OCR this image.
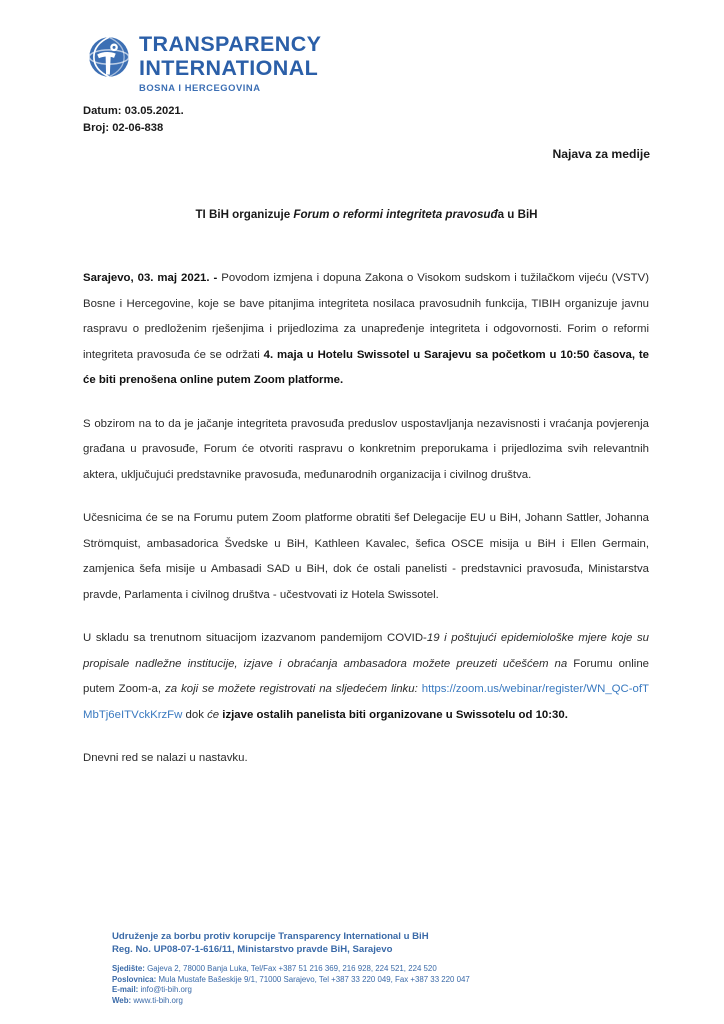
TRANSPARENCY
INTERNATIONAL
BOSNA I HERCEGOVINA
Datum: 03.05.2021.
Broj: 02-06-838
Najava za medije
TI BiH organizuje Forum o reformi integriteta pravosuđa u BiH

Sarajevo, 03. maj 2021. - Povodom izmjena i dopuna Zakona o Visokom sudskom i tužilačkom vijeću (VSTV) Bosne i Hercegovine, koje se bave pitanjima integriteta nosilaca pravosudnih funkcija, TIBIH organizuje javnu raspravu o predloženim rješenjima i prijedlozima za unapređenje integriteta i odgovornosti. Forim o reformi integriteta pravosuđa će se održati 4. maja u Hotelu Swissotel u Sarajevu sa početkom u 10:50 časova, te će biti prenošena online putem Zoom platforme.

S obzirom na to da je jačanje integriteta pravosuđa preduslov uspostavljanja nezavisnosti i vraćanja povjerenja građana u pravosuđe, Forum će otvoriti raspravu o konkretnim preporukama i prijedlozima svih relevantnih aktera, uključujući predstavnike pravosuđa, međunarodnih organizacija i civilnog društva.

Učesnicima će se na Forumu putem Zoom platforme obratiti šef Delegacije EU u BiH, Johann Sattler, Johanna Strömquist, ambasadorica Švedske u BiH, Kathleen Kavalec, šefica OSCE misija u BiH i Ellen Germain, zamjenica šefa misije u Ambasadi SAD u BiH, dok će ostali panelisti - predstavnici pravosuđa, Ministarstva pravde, Parlamenta i civilnog društva - učestvovati iz Hotela Swissotel.

U skladu sa trenutnom situacijom izazvanom pandemijom COVID-19 i poštujući epidemiološke mjere koje su propisale nadležne institucije, izjave i obraćanja ambasadora možete preuzeti učešćem na Forumu online putem Zoom-a, za koji se možete registrovati na sljedećem linku: https://zoom.us/webinar/register/WN_QC-ofTMbTj6eITVckKrzFw dok će izjave ostalih panelista biti organizovane u Swissotelu od 10:30.

Dnevni red se nalazi u nastavku.

Udruženje za borbu protiv korupcije Transparency International u BiH
Reg. No. UP08-07-1-616/11, Ministarstvo pravde BiH, Sarajevo
Sjedište: Gajeva 2, 78000 Banja Luka, Tel/Fax +387 51 216 369, 216 928, 224 521, 224 520
Poslovnica: Mula Mustafe Bašeskije 9/1, 71000 Sarajevo, Tel +387 33 220 049, Fax +387 33 220 047
E-mail: info@ti-bih.org
Web: www.ti-bih.org
